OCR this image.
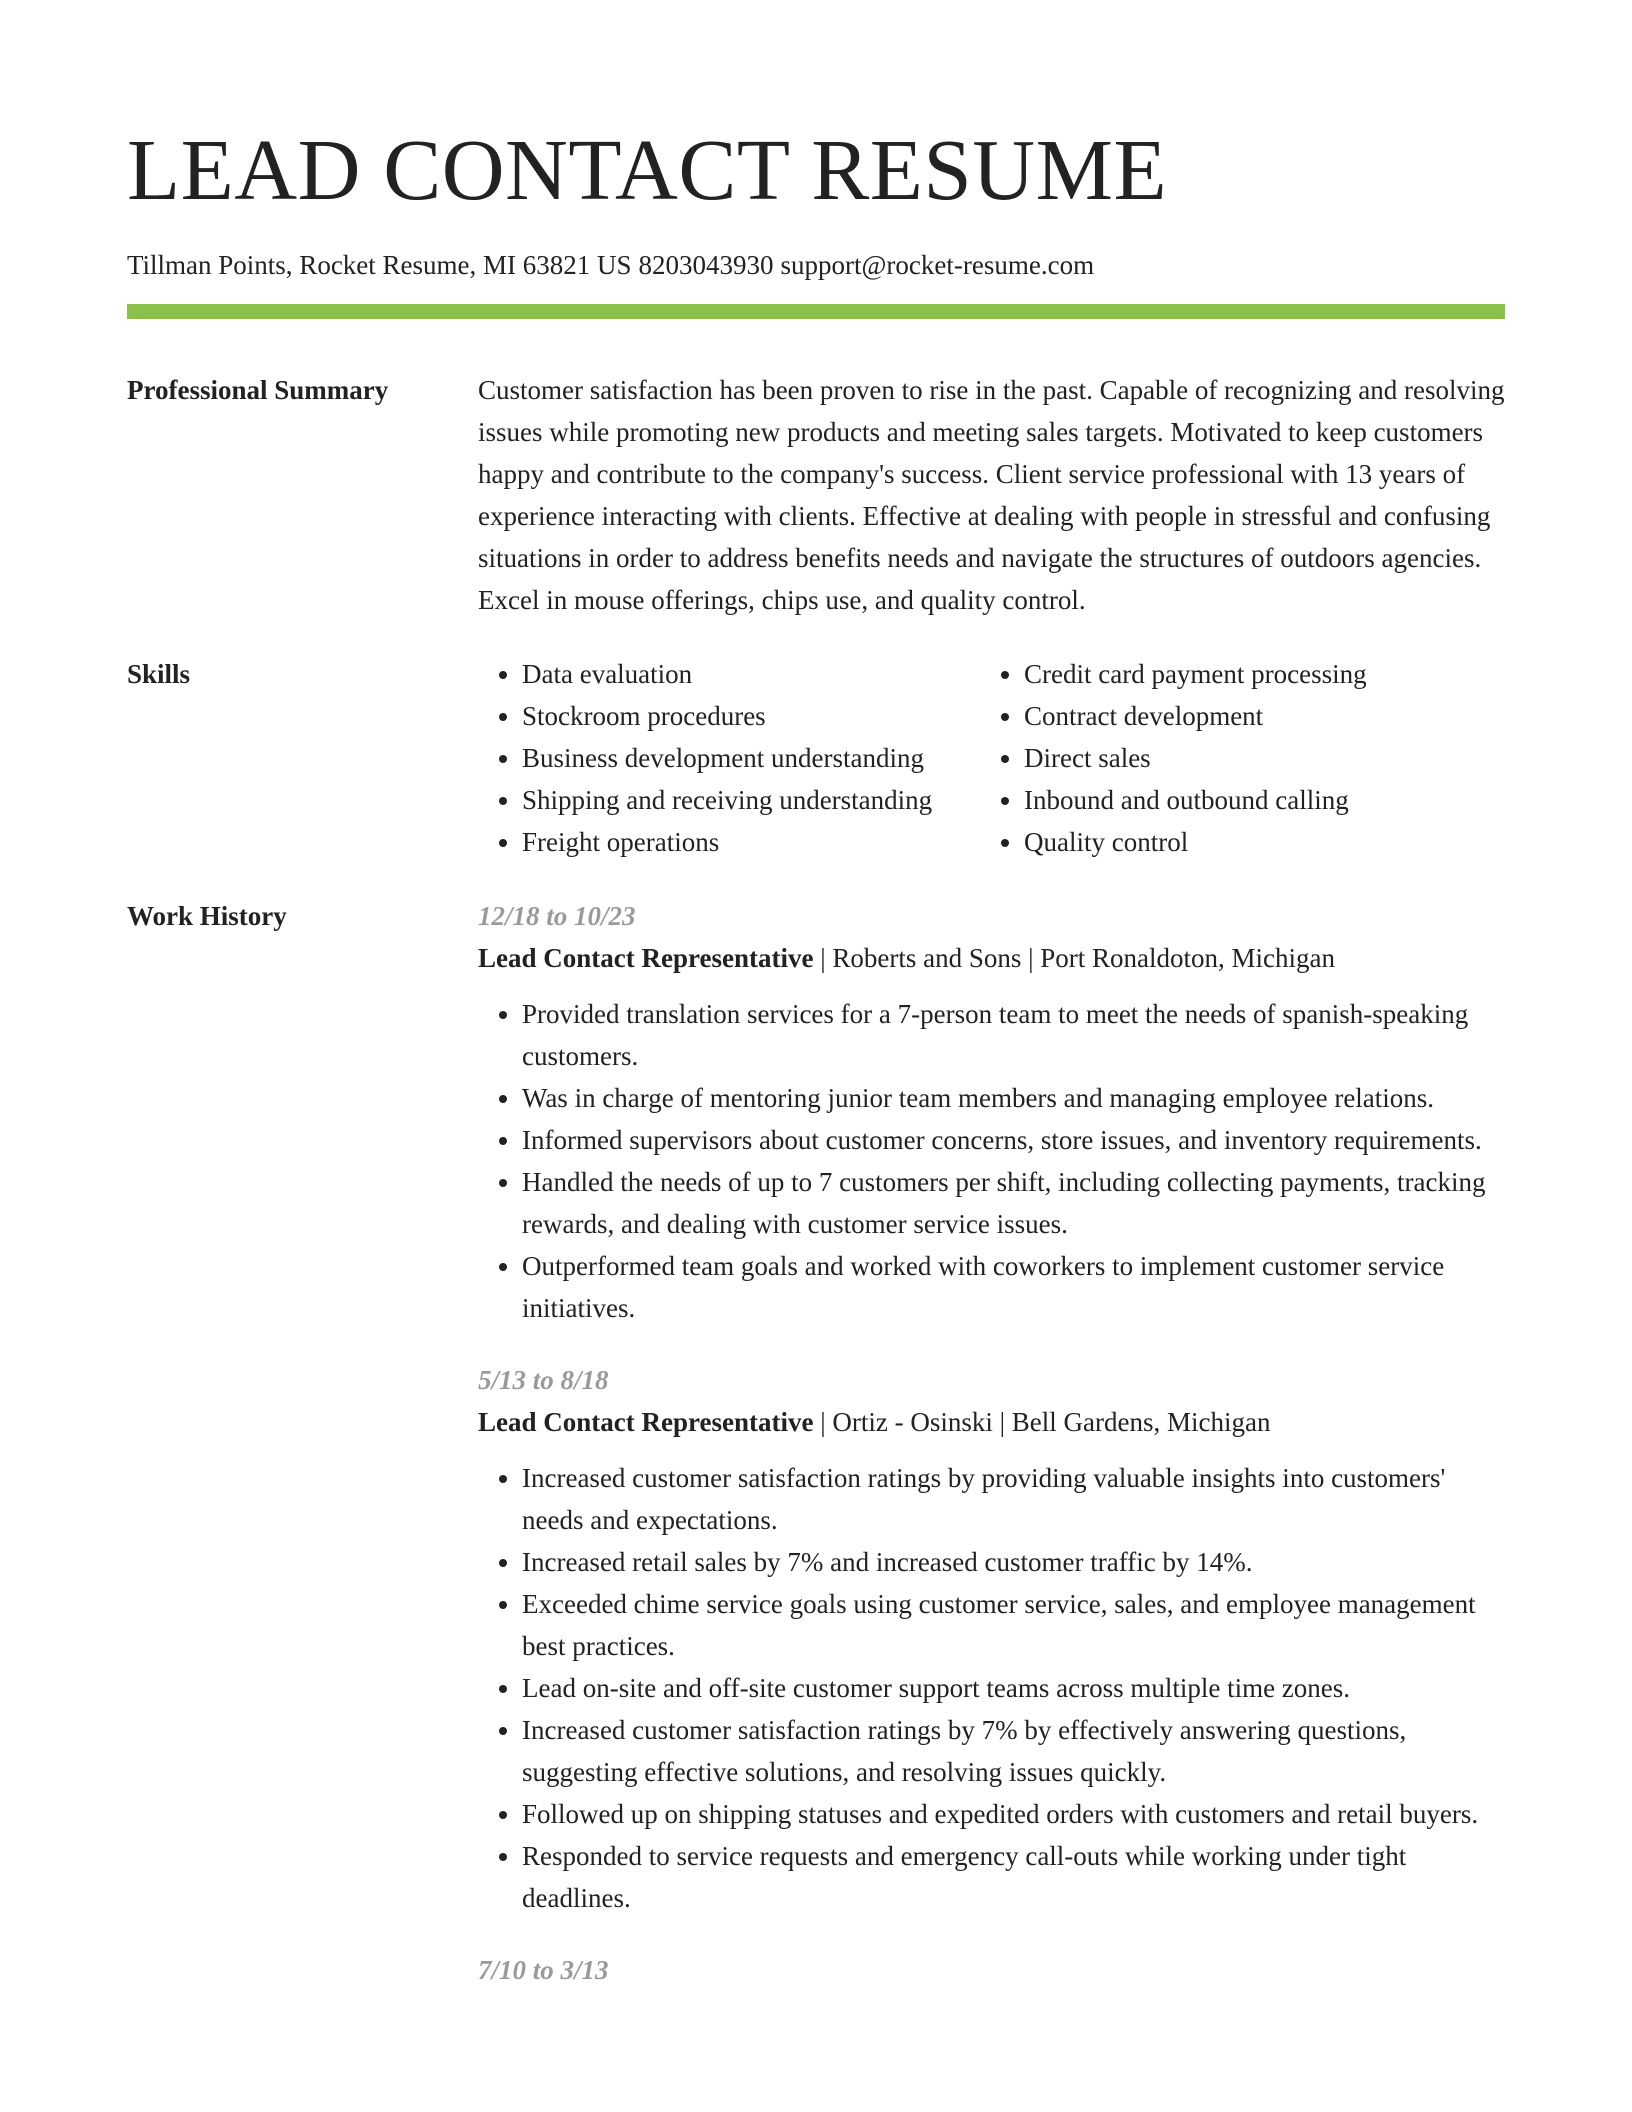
LEAD CONTACT RESUME
Tillman Points, Rocket Resume, MI 63821 US 8203043930 support@rocket-resume.com
Professional Summary	Customer satisfaction has been proven to rise in the past. Capable of recognizing and resolving issues while promoting new products and meeting sales targets. Motivated to keep customers happy and contribute to the company's success. Client service professional with 13 years of experience interacting with clients. Effective at dealing with people in stressful and confusing situations in order to address benefits needs and navigate the structures of outdoors agencies. Excel in mouse offerings, chips use, and quality control.

Skills
•	Data evaluation
• Stockroom procedures
• Business development understanding
• Shipping and receiving understanding
• Freight operations
• Credit card payment processing
• Contract development
• Direct sales
• Inbound and outbound calling
• Quality control
Work History	12/18 to 10/23
Lead Contact Representative | Roberts and Sons | Port Ronaldoton, Michigan
• Provided translation services for a 7-person team to meet the needs of spanish-speaking customers.
• Was in charge of mentoring junior team members and managing employee relations.
• Informed supervisors about customer concerns, store issues, and inventory requirements.
• Handled the needs of up to 7 customers per shift, including collecting payments, tracking rewards, and dealing with customer service issues.
• Outperformed team goals and worked with coworkers to implement customer service initiatives.
5/13 to 8/18
Lead Contact Representative | Ortiz - Osinski | Bell Gardens, Michigan
• Increased customer satisfaction ratings by providing valuable insights into customers' needs and expectations.
• Increased retail sales by 7% and increased customer traffic by 14%.
• Exceeded chime service goals using customer service, sales, and employee management best practices.
• Lead on-site and off-site customer support teams across multiple time zones.
• Increased customer satisfaction ratings by 7% by effectively answering questions, suggesting effective solutions, and resolving issues quickly.
• Followed up on shipping statuses and expedited orders with customers and retail buyers.
• Responded to service requests and emergency call-outs while working under tight deadlines.
7/10 to 3/13
